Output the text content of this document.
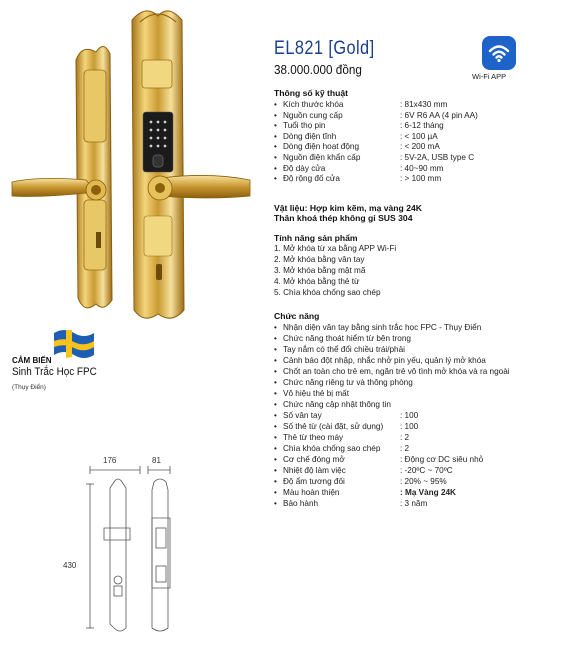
CẢM BIẾN
Sinh Trắc Học FPC
(Thụy Điển)
176	81
430
EL821 [Gold]
38.000.000 đồng	Wi-Fi APP
Thông số kỹ thuật
• Kích thước khóa	: 81x430 mm
• Nguồn cung cấp	: 6V R6 AA (4 pin AA)
• Tuổi thọ pin	: 6-12 tháng
• Dòng điện tĩnh	: < 100 µA
• Dòng điện hoạt động	: < 200 mA
• Nguồn điện khẩn cấp	: 5V-2A, USB type C
• Độ dày cửa	: 40~90 mm
• Độ rộng đố cửa	: > 100 mm
Vật liệu: Hợp kim kẽm, mạ vàng 24K
Thân khoá thép không gỉ SUS 304
Tính năng sản phẩm
1. Mở khóa từ xa bằng APP Wi-Fi
2. Mở khóa bằng vân tay
3. Mở khóa bằng mật mã
4. Mở khóa bằng thẻ từ
5. Chìa khóa chống sao chép
Chức năng
• Nhận diện vân tay bằng sinh trắc học FPC - Thụy Điển
• Chức năng thoát hiểm từ bên trong
• Tay nắm có thể đổi chiều trái/phải
• Cảnh báo đột nhập, nhắc nhở pin yếu, quản lý mở khóa
• Chốt an toàn cho trẻ em, ngăn trẻ vô tình mở khóa và ra ngoài
• Chức năng riêng tư và thông phòng
• Vô hiệu thẻ bị mất
• Chức năng cập nhật thông tin
• Số vân tay	: 100
• Số thẻ từ (cài đặt, sử dụng) : 100
• Thẻ từ theo máy	: 2
• Chìa khóa chống sao chép : 2
• Cơ chế đóng mở	: Động cơ DC siêu nhỏ
• Nhiệt độ làm việc	: -20ºC ~ 70ºC
• Độ ẩm tương đối	: 20% ~ 95%
• Màu hoàn thiện	: Mạ Vàng 24K
• Bảo hành	: 3 năm
